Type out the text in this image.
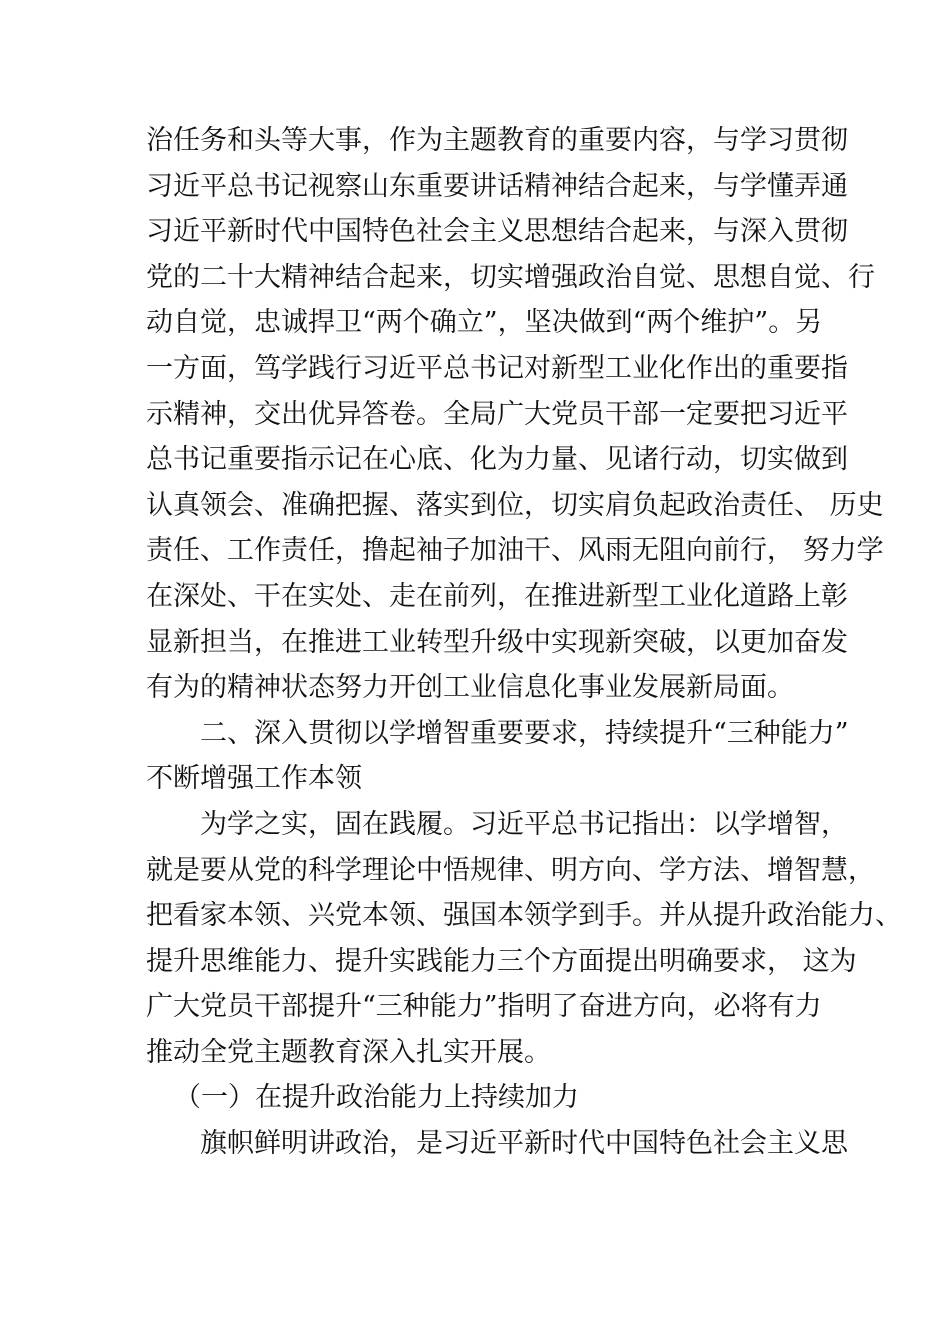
治任务和头等大事，作为主题教育的重要内容，与学习贯彻
习近平总书记视察山东重要讲话精神结合起来，与学懂弄通
习近平新时代中国特色社会主义思想结合起来，与深入贯彻
党的二十大精神结合起来，切实增强政治自觉、思想自觉、行
动自觉，忠诚捍卫“两个确立”，坚决做到“两个维护”。另
一方面，笃学践行习近平总书记对新型工业化作出的重要指
示精神，交出优异答卷。全局广大党员干部一定要把习近平
总书记重要指示记在心底、化为力量、见诸行动，切实做到
认真领会、准确把握、落实到位，切实肩负起政治责任、 历史
责任、工作责任，撸起袖子加油干、风雨无阻向前行， 努力学
在深处、干在实处、走在前列，在推进新型工业化道路上彰
显新担当，在推进工业转型升级中实现新突破，以更加奋发
有为的精神状态努力开创工业信息化事业发展新局面。
二、深入贯彻以学增智重要要求，持续提升“三种能力”
不断增强工作本领
为学之实，固在践履。习近平总书记指出：以学增智，
就是要从党的科学理论中悟规律、明方向、学方法、增智慧，
把看家本领、兴党本领、强国本领学到手。并从提升政治能力、
提升思维能力、提升实践能力三个方面提出明确要求， 这为
广大党员干部提升“三种能力”指明了奋进方向，必将有力
推动全党主题教育深入扎实开展。
（一）在提升政治能力上持续加力
旗帜鲜明讲政治，是习近平新时代中国特色社会主义思
